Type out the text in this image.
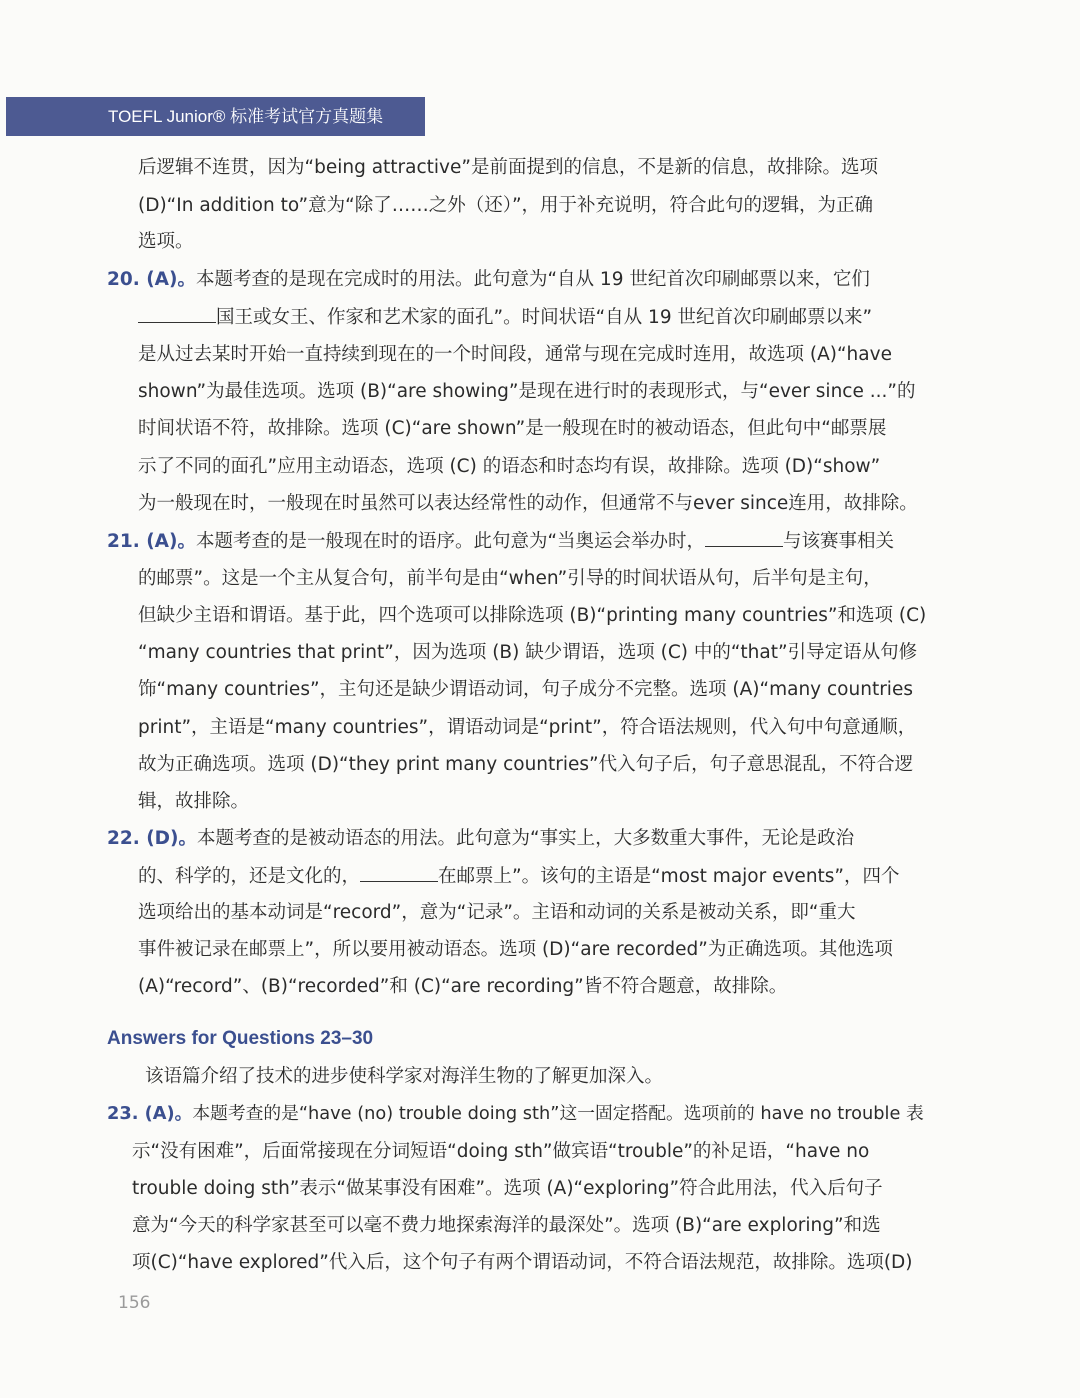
TOEFL Junior® 标准考试官方真题集
后逻辑不连贯，因为“being attractive”是前面提到的信息，不是新的信息，故排除。选项
(D)“In addition to”意为“除了……之外（还）”，用于补充说明，符合此句的逻辑，为正确
选项。
20. (A)。本题考查的是现在完成时的用法。此句意为“自从 19 世纪首次印刷邮票以来，它们
国王或女王、作家和艺术家的面孔”。时间状语“自从 19 世纪首次印刷邮票以来”
是从过去某时开始一直持续到现在的一个时间段，通常与现在完成时连用，故选项 (A)“have
shown”为最佳选项。选项 (B)“are showing”是现在进行时的表现形式，与“ever since ...”的
时间状语不符，故排除。选项 (C)“are shown”是一般现在时的被动语态，但此句中“邮票展
示了不同的面孔”应用主动语态，选项 (C) 的语态和时态均有误，故排除。选项 (D)“show”
为一般现在时，一般现在时虽然可以表达经常性的动作，但通常不与ever since连用，故排除。
21. (A)。本题考查的是一般现在时的语序。此句意为“当奥运会举办时，	与该赛事相关
的邮票”。这是一个主从复合句，前半句是由“when”引导的时间状语从句，后半句是主句，
但缺少主语和谓语。基于此，四个选项可以排除选项 (B)“printing many countries”和选项 (C)
“many countries that print”，因为选项 (B) 缺少谓语，选项 (C) 中的“that”引导定语从句修
饰“many countries”，主句还是缺少谓语动词，句子成分不完整。选项 (A)“many countries
print”，主语是“many countries”，谓语动词是“print”，符合语法规则，代入句中句意通顺，
故为正确选项。选项 (D)“they print many countries”代入句子后，句子意思混乱，不符合逻
辑，故排除。
22. (D)。本题考查的是被动语态的用法。此句意为“事实上，大多数重大事件，无论是政治
的、科学的，还是文化的，	在邮票上”。该句的主语是“most major events”，四个
选项给出的基本动词是“record”，意为“记录”。主语和动词的关系是被动关系，即“重大
事件被记录在邮票上”，所以要用被动语态。选项 (D)“are recorded”为正确选项。其他选项
(A)“record”、(B)“recorded”和 (C)“are recording”皆不符合题意，故排除。
Answers for Questions 23–30
该语篇介绍了技术的进步使科学家对海洋生物的了解更加深入。
23. (A)。本题考查的是“have (no) trouble doing sth”这一固定搭配。选项前的 have no trouble 表
示“没有困难”，后面常接现在分词短语“doing sth”做宾语“trouble”的补足语，“have no
trouble doing sth”表示“做某事没有困难”。选项 (A)“exploring”符合此用法，代入后句子
意为“今天的科学家甚至可以毫不费力地探索海洋的最深处”。选项 (B)“are exploring”和选
项(C)“have explored”代入后，这个句子有两个谓语动词，不符合语法规范，故排除。选项(D)
156
